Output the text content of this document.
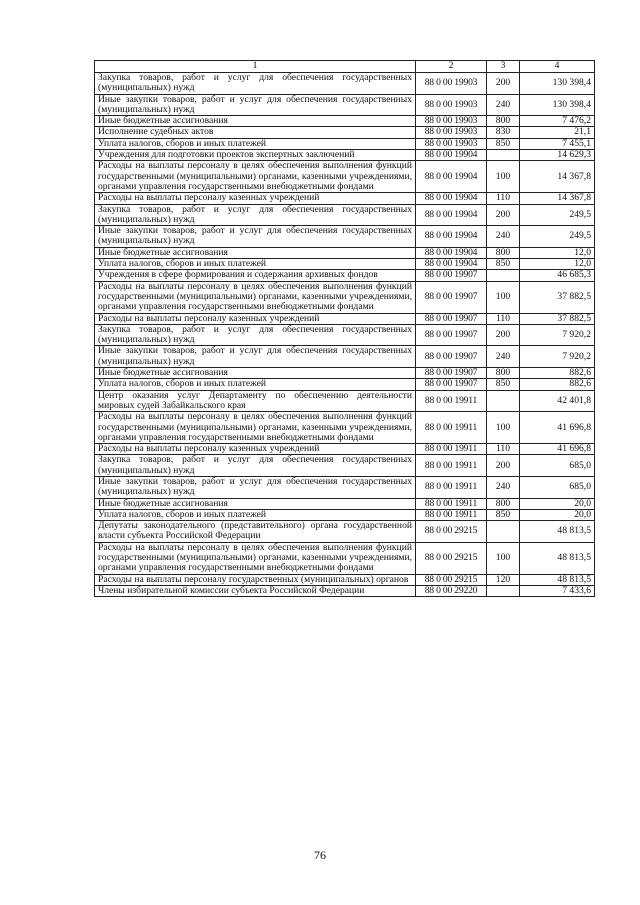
1	2	3	4
Закупка товаров, работ и услуг для обеспечения государственных (муниципальных) нужд	88 0 00 19903	200	130 398,4
Иные закупки товаров, работ и услуг для обеспечения государственных (муниципальных) нужд	88 0 00 19903	240	130 398,4
Иные бюджетные ассигнования	88 0 00 19903	800	7 476,2
Исполнение судебных актов	88 0 00 19903	830	21,1
Уплата налогов, сборов и иных платежей	88 0 00 19903	850	7 455,1
Учреждения для подготовки проектов экспертных заключений	88 0 00 19904		14 629,3
Расходы на выплаты персоналу в целях обеспечения выполнения функций государственными (муниципальными) органами, казенными учреждениями, органами управления государственными внебюджетными фондами	88 0 00 19904	100	14 367,8
Расходы на выплаты персоналу казенных учреждений	88 0 00 19904	110	14 367,8
Закупка товаров, работ и услуг для обеспечения государственных (муниципальных) нужд	88 0 00 19904	200	249,5
Иные закупки товаров, работ и услуг для обеспечения государственных (муниципальных) нужд	88 0 00 19904	240	249,5
Иные бюджетные ассигнования	88 0 00 19904	800	12,0
Уплата налогов, сборов и иных платежей	88 0 00 19904	850	12,0
Учреждения в сфере формирования и содержания архивных фондов	88 0 00 19907		46 685,3
Расходы на выплаты персоналу в целях обеспечения выполнения функций государственными (муниципальными) органами, казенными учреждениями, органами управления государственными внебюджетными фондами	88 0 00 19907	100	37 882,5
Расходы на выплаты персоналу казенных учреждений	88 0 00 19907	110	37 882,5
Закупка товаров, работ и услуг для обеспечения государственных (муниципальных) нужд	88 0 00 19907	200	7 920,2
Иные закупки товаров, работ и услуг для обеспечения государственных (муниципальных) нужд	88 0 00 19907	240	7 920,2
Иные бюджетные ассигнования	88 0 00 19907	800	882,6
Уплата налогов, сборов и иных платежей	88 0 00 19907	850	882,6
Центр оказания услуг Департаменту по обеспечению деятельности мировых судей Забайкальского края	88 0 00 19911		42 401,8
Расходы на выплаты персоналу в целях обеспечения выполнения функций государственными (муниципальными) органами, казенными учреждениями, органами управления государственными внебюджетными фондами	88 0 00 19911	100	41 696,8
Расходы на выплаты персоналу казенных учреждений	88 0 00 19911	110	41 696,8
Закупка товаров, работ и услуг для обеспечения государственных (муниципальных) нужд	88 0 00 19911	200	685,0
Иные закупки товаров, работ и услуг для обеспечения государственных (муниципальных) нужд	88 0 00 19911	240	685,0
Иные бюджетные ассигнования	88 0 00 19911	800	20,0
Уплата налогов, сборов и иных платежей	88 0 00 19911	850	20,0
Депутаты законодательного (представительного) органа государственной власти субъекта Российской Федерации	88 0 00 29215		48 813,5
Расходы на выплаты персоналу в целях обеспечения выполнения функций государственными (муниципальными) органами, казенными учреждениями, органами управления государственными внебюджетными фондами	88 0 00 29215	100	48 813,5
Расходы на выплаты персоналу государственных (муниципальных) органов	88 0 00 29215	120	48 813,5
Члены избирательной комиссии субъекта Российской Федерации	88 0 00 29220		7 433,6
76
